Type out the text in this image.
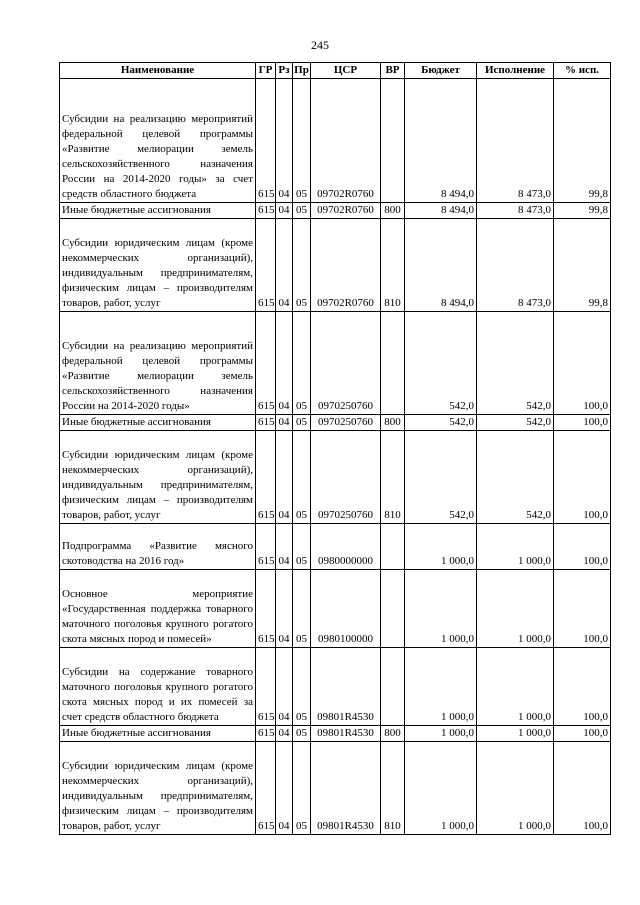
245
Наименование	ГР	Рз	Пр	ЦСР	ВР	Бюджет	Исполнение	% исп.
Субсидии на реализацию мероприятий федеральной целевой программы «Развитие мелиорации земель сельскохозяйственного назначения России на 2014-2020 годы» за счет средств областного бюджета	615	04	05	09702R0760		8 494,0	8 473,0	99,8
Иные бюджетные ассигнования	615	04	05	09702R0760	800	8 494,0	8 473,0	99,8
Субсидии юридическим лицам (кроме некоммерческих организаций), индивидуальным предпринимателям, физическим лицам – производителям товаров, работ, услуг	615	04	05	09702R0760	810	8 494,0	8 473,0	99,8
Субсидии на реализацию мероприятий федеральной целевой программы «Развитие мелиорации земель сельскохозяйственного назначения России на 2014-2020 годы»	615	04	05	0970250760		542,0	542,0	100,0
Иные бюджетные ассигнования	615	04	05	0970250760	800	542,0	542,0	100,0
Субсидии юридическим лицам (кроме некоммерческих организаций), индивидуальным предпринимателям, физическим лицам – производителям товаров, работ, услуг	615	04	05	0970250760	810	542,0	542,0	100,0
Подпрограмма «Развитие мясного скотоводства на 2016 год»	615	04	05	0980000000		1 000,0	1 000,0	100,0
Основное мероприятие «Государственная поддержка товарного маточного поголовья крупного рогатого скота мясных пород и помесей»	615	04	05	0980100000		1 000,0	1 000,0	100,0
Субсидии на содержание товарного маточного поголовья крупного рогатого скота мясных пород и их помесей за счет средств областного бюджета	615	04	05	09801R4530		1 000,0	1 000,0	100,0
Иные бюджетные ассигнования	615	04	05	09801R4530	800	1 000,0	1 000,0	100,0
Субсидии юридическим лицам (кроме некоммерческих организаций), индивидуальным предпринимателям, физическим лицам – производителям товаров, работ, услуг	615	04	05	09801R4530	810	1 000,0	1 000,0	100,0
